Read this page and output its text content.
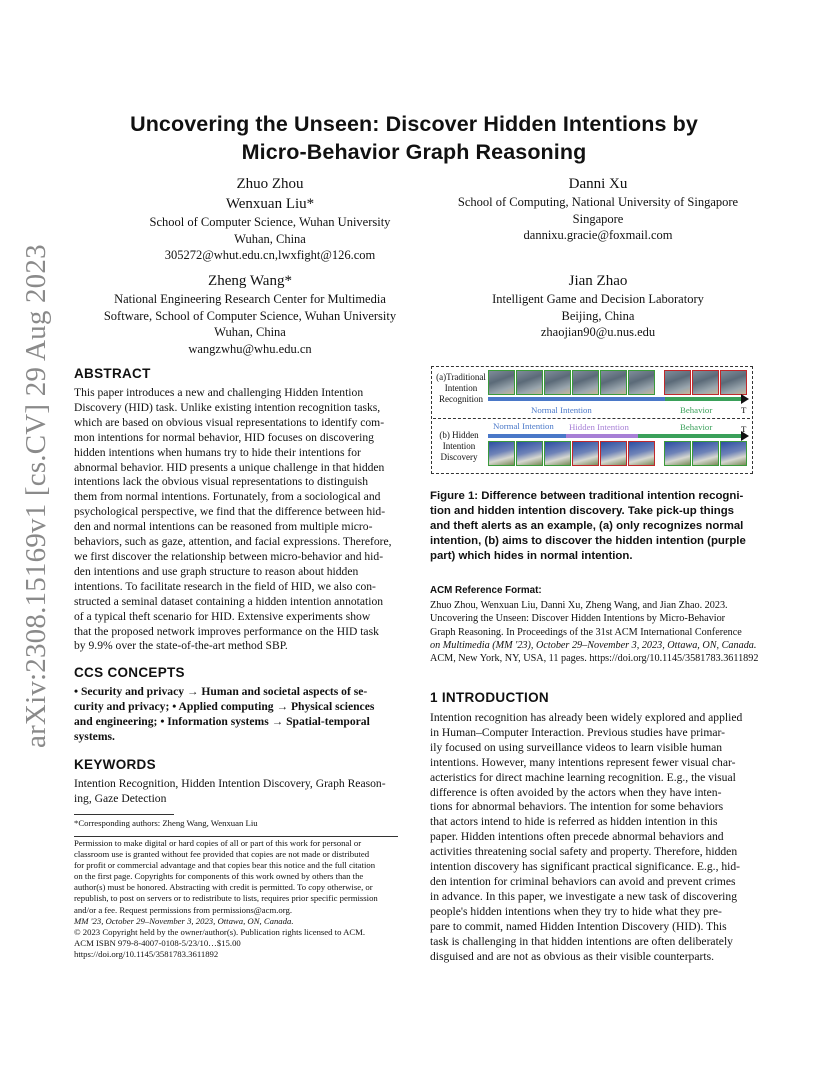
Uncovering the Unseen: Discover Hidden Intentions by
Micro-Behavior Graph Reasoning
arXiv:2308.15169v1 [cs.CV] 29 Aug 2023
Zhuo Zhou
Wenxuan Liu*
School of Computer Science, Wuhan University
Wuhan, China
305272@whut.edu.cn,lwxfight@126.com
Danni Xu
School of Computing, National University of Singapore
Singapore
dannixu.gracie@foxmail.com
Zheng Wang*
National Engineering Research Center for Multimedia
Software, School of Computer Science, Wuhan University
Wuhan, China
wangzwhu@whu.edu.cn
Jian Zhao
Intelligent Game and Decision Laboratory
Beijing, China
zhaojian90@u.nus.edu
ABSTRACT
This paper introduces a new and challenging Hidden Intention
Discovery (HID) task. Unlike existing intention recognition tasks,
which are based on obvious visual representations to identify com-
mon intentions for normal behavior, HID focuses on discovering
hidden intentions when humans try to hide their intentions for
abnormal behavior. HID presents a unique challenge in that hidden
intentions lack the obvious visual representations to distinguish
them from normal intentions. Fortunately, from a sociological and
psychological perspective, we find that the difference between hid-
den and normal intentions can be reasoned from multiple micro-
behaviors, such as gaze, attention, and facial expressions. Therefore,
we first discover the relationship between micro-behavior and hid-
den intentions and use graph structure to reason about hidden
intentions. To facilitate research in the field of HID, we also con-
structed a seminal dataset containing a hidden intention annotation
of a typical theft scenario for HID. Extensive experiments show
that the proposed network improves performance on the HID task
by 9.9% over the state-of-the-art method SBP.
CCS CONCEPTS
• Security and privacy → Human and societal aspects of se-
curity and privacy; • Applied computing → Physical sciences
and engineering; • Information systems → Spatial-temporal
systems.
KEYWORDS
Intention Recognition, Hidden Intention Discovery, Graph Reason-
ing, Gaze Detection
*Corresponding authors: Zheng Wang, Wenxuan Liu
Permission to make digital or hard copies of all or part of this work for personal or
classroom use is granted without fee provided that copies are not made or distributed
for profit or commercial advantage and that copies bear this notice and the full citation
on the first page. Copyrights for components of this work owned by others than the
author(s) must be honored. Abstracting with credit is permitted. To copy otherwise, or
republish, to post on servers or to redistribute to lists, requires prior specific permission
and/or a fee. Request permissions from permissions@acm.org.
MM '23, October 29–November 3, 2023, Ottawa, ON, Canada.
© 2023 Copyright held by the owner/author(s). Publication rights licensed to ACM.
ACM ISBN 979-8-4007-0108-5/23/10…$15.00
https://doi.org/10.1145/3581783.3611892
(a)Traditional
Intention
Recognition
Normal Intention	Behavior	T
(b) Hidden
Intention
Discovery
Normal Intention Hidden Intention	Behavior	T
Figure 1: Difference between traditional intention recogni-
tion and hidden intention discovery. Take pick-up things
and theft alerts as an example, (a) only recognizes normal
intention, (b) aims to discover the hidden intention (purple
part) which hides in normal intention.
ACM Reference Format:
Zhuo Zhou, Wenxuan Liu, Danni Xu, Zheng Wang, and Jian Zhao. 2023.
Uncovering the Unseen: Discover Hidden Intentions by Micro-Behavior
Graph Reasoning. In Proceedings of the 31st ACM International Conference
on Multimedia (MM '23), October 29–November 3, 2023, Ottawa, ON, Canada.
ACM, New York, NY, USA, 11 pages. https://doi.org/10.1145/3581783.3611892
1 INTRODUCTION
Intention recognition has already been widely explored and applied
in Human–Computer Interaction. Previous studies have primar-
ily focused on using surveillance videos to learn visible human
intentions. However, many intentions represent fewer visual char-
acteristics for direct machine learning recognition. E.g., the visual
difference is often avoided by the actors when they have inten-
tions for abnormal behaviors. The intention for some behaviors
that actors intend to hide is referred as hidden intention in this
paper. Hidden intentions often precede abnormal behaviors and
activities threatening social safety and property. Therefore, hidden
intention discovery has significant practical significance. E.g., hid-
den intention for criminal behaviors can avoid and prevent crimes
in advance. In this paper, we investigate a new task of discovering
people's hidden intentions when they try to hide what they pre-
pare to commit, named Hidden Intention Discovery (HID). This
task is challenging in that hidden intentions are often deliberately
disguised and are not as obvious as their visible counterparts.
